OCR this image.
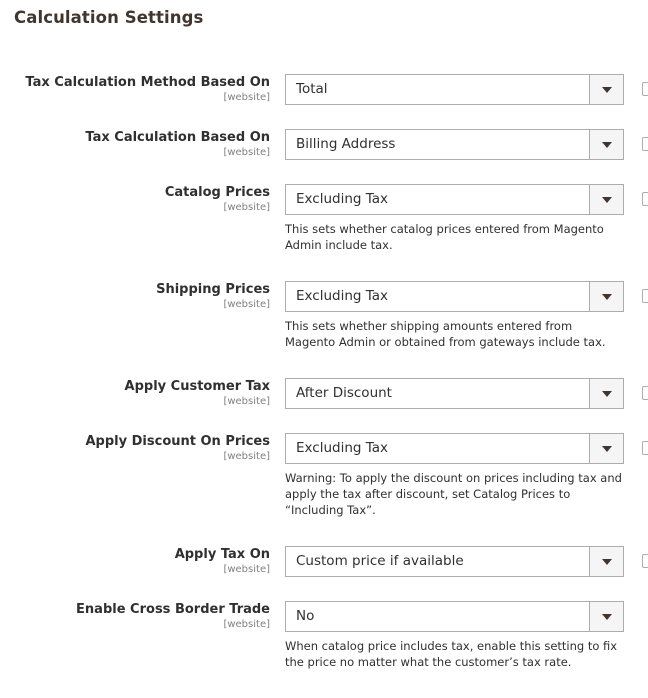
Calculation Settings
Tax Calculation Method Based On
[website]
Total
Tax Calculation Based On
[website]
Billing Address
Catalog Prices
[website]
Excluding Tax
This sets whether catalog prices entered from Magento Admin include tax.
Shipping Prices
[website]
Excluding Tax
This sets whether shipping amounts entered from Magento Admin or obtained from gateways include tax.
Apply Customer Tax
[website]
After Discount
Apply Discount On Prices
[website]
Excluding Tax
Warning: To apply the discount on prices including tax and apply the tax after discount, set Catalog Prices to “Including Tax”.
Apply Tax On
[website]
Custom price if available
Enable Cross Border Trade
[website]
No
When catalog price includes tax, enable this setting to fix the price no matter what the customer’s tax rate.
